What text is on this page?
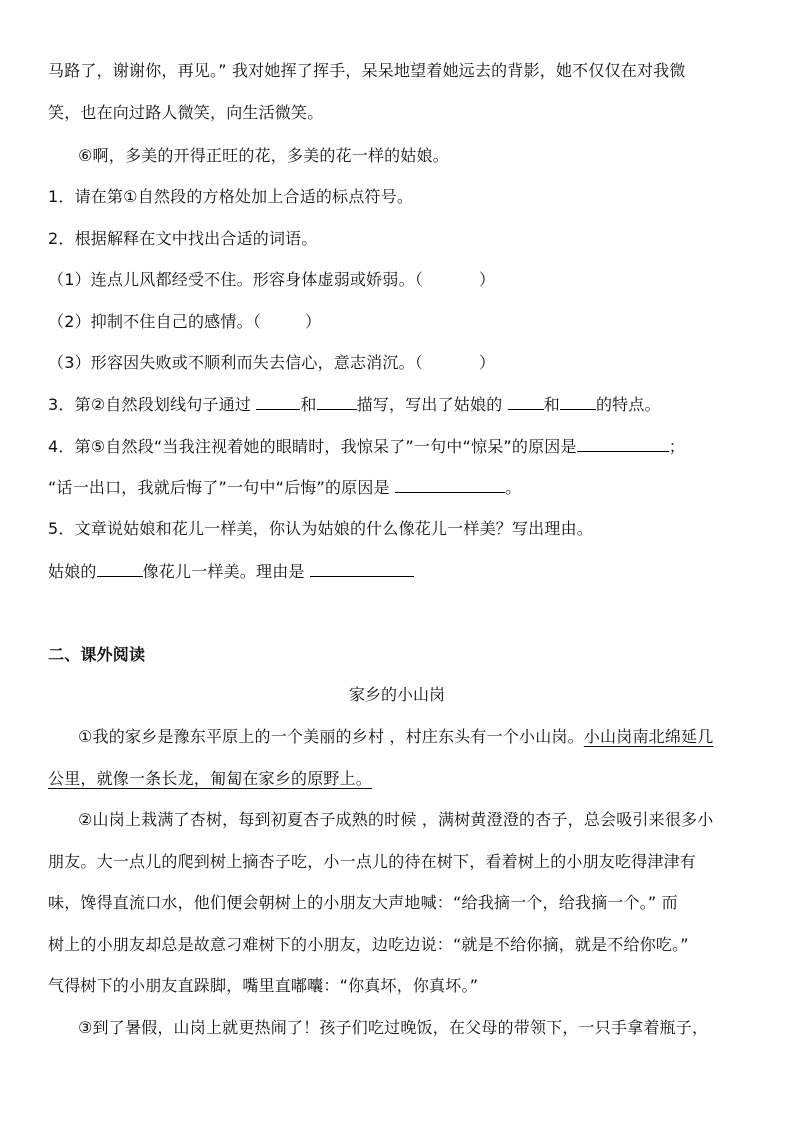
马路了，谢谢你，再见。” 我对她挥了挥手，呆呆地望着她远去的背影，她不仅仅在对我微
笑，也在向过路人微笑，向生活微笑。
⑥啊，多美的开得正旺的花，多美的花一样的姑娘。
1．请在第①自然段的方格处加上合适的标点符号。
2．根据解释在文中找出合适的词语。
（1）连点儿风都经受不住。形容身体虚弱或娇弱。（	）
（2）抑制不住自己的感情。（	）
（3）形容因失败或不顺利而失去信心，意志消沉。（	）
3．第②自然段划线句子通过	和	描写，写出了姑娘的	和 的特点。
4．第⑤自然段“当我注视着她的眼睛时，我惊呆了”一句中“惊呆”的原因是	；
“话一出口，我就后悔了”一句中“后悔”的原因是	。
5．文章说姑娘和花儿一样美，你认为姑娘的什么像花儿一样美？写出理由。
姑娘的	像花儿一样美。理由是
二、课外阅读
家乡的小山岗
①我的家乡是豫东平原上的一个美丽的乡村 ，村庄东头有一个小山岗。小山岗南北绵延几
公里，就像一条长龙，匍匐在家乡的原野上。
②山岗上栽满了杏树，每到初夏杏子成熟的时候 ，满树黄澄澄的杏子，总会吸引来很多小
朋友。大一点儿的爬到树上摘杏子吃，小一点儿的待在树下，看着树上的小朋友吃得津津有
味，馋得直流口水，他们便会朝树上的小朋友大声地喊：“给我摘一个，给我摘一个。” 而
树上的小朋友却总是故意刁难树下的小朋友，边吃边说：“就是不给你摘，就是不给你吃。”
气得树下的小朋友直跺脚，嘴里直嘟囔：“你真坏，你真坏。”
③到了暑假，山岗上就更热闹了！孩子们吃过晚饭，在父母的带领下，一只手拿着瓶子，
